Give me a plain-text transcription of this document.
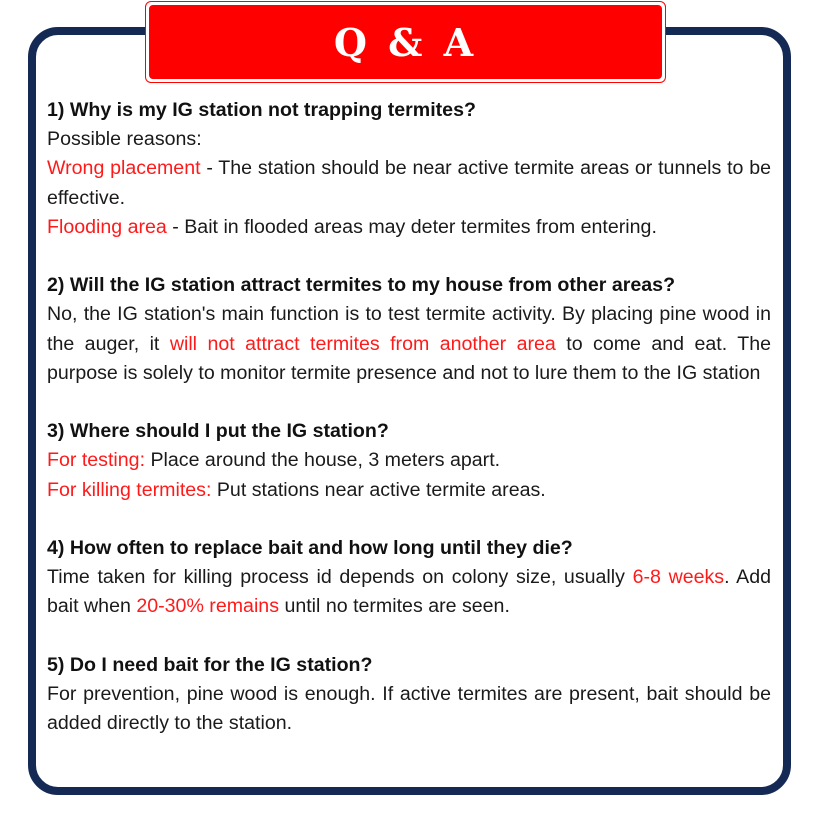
Q & A
1) Why is my IG station not trapping termites?
Possible reasons:
Wrong placement - The station should be near active termite areas or tunnels to be effective.
Flooding area - Bait in flooded areas may deter termites from entering.
2) Will the IG station attract termites to my house from other areas?
No, the IG station's main function is to test termite activity. By placing pine wood in the auger, it will not attract termites from another area to come and eat. The purpose is solely to monitor termite presence and not to lure them to the IG station
3) Where should I put the IG station?
For testing: Place around the house, 3 meters apart.
For killing termites: Put stations near active termite areas.
4) How often to replace bait and how long until they die?
Time taken for killing process id depends on colony size, usually 6-8 weeks. Add bait when 20-30% remains until no termites are seen.
5) Do I need bait for the IG station?
For prevention, pine wood is enough. If active termites are present, bait should be added directly to the station.
